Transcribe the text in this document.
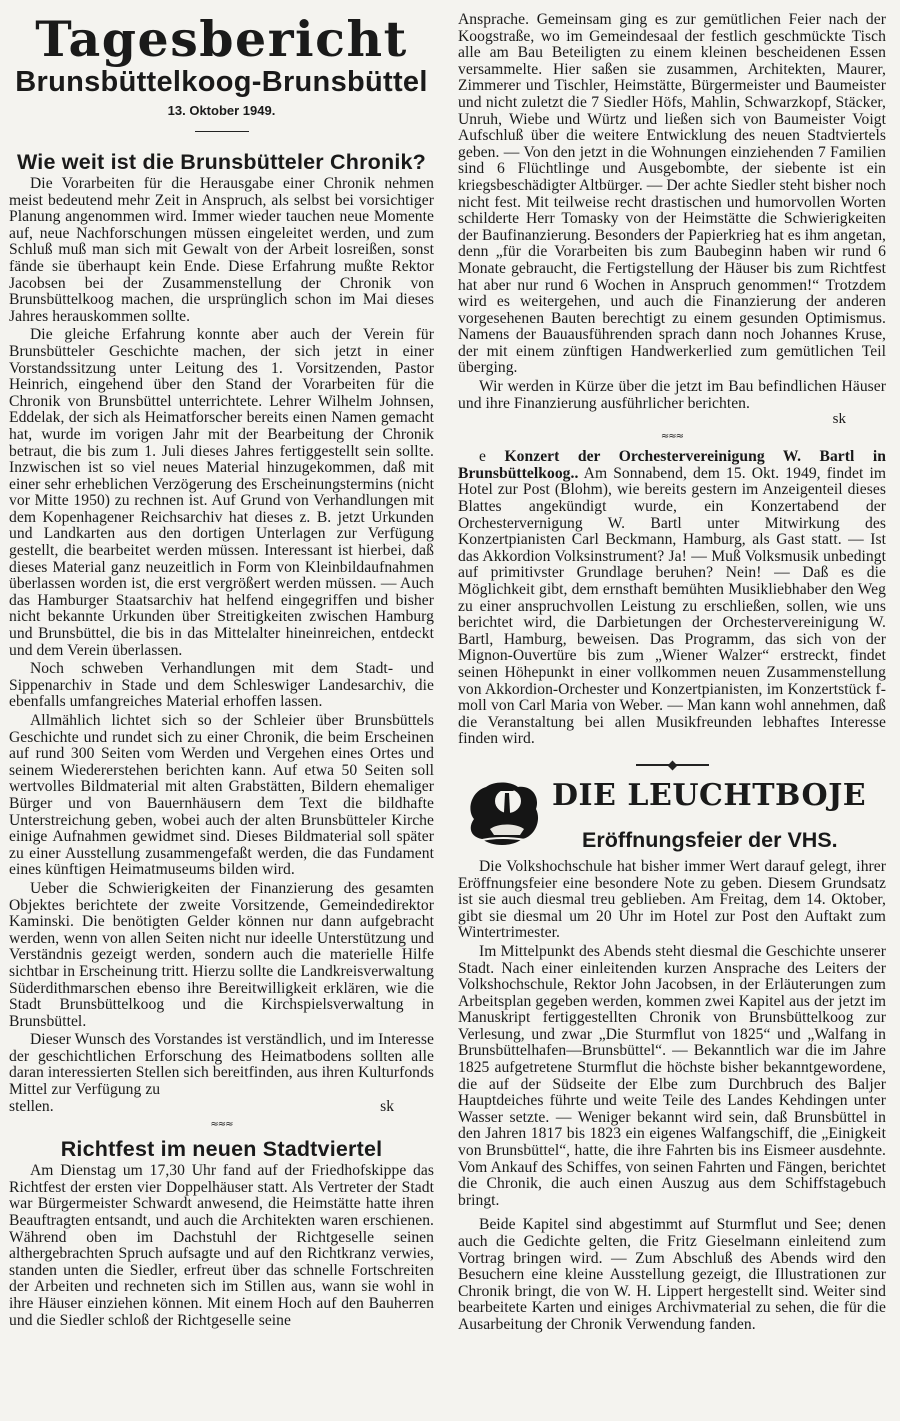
Tagesbericht
Brunsbüttelkoog-Brunsbüttel
13. Oktober 1949.
Wie weit ist die Brunsbütteler Chronik?

Die Vorarbeiten für die Herausgabe einer Chronik nehmen meist bedeutend mehr Zeit in Anspruch, als selbst bei vorsichtiger Planung angenommen wird. Immer wieder tauchen neue Momente auf, neue Nachforschungen müssen eingeleitet werden, und zum Schluß muß man sich mit Gewalt von der Arbeit losreißen, sonst fände sie überhaupt kein Ende. Diese Erfahrung mußte Rektor Jacobsen bei der Zusammenstellung der Chronik von Brunsbüttelkoog machen, die ursprünglich schon im Mai dieses Jahres herauskommen sollte.

Die gleiche Erfahrung konnte aber auch der Verein für Brunsbütteler Geschichte machen, der sich jetzt in einer Vorstandssitzung unter Leitung des 1. Vorsitzenden, Pastor Heinrich, eingehend über den Stand der Vorarbeiten für die Chronik von Brunsbüttel unterrichtete. Lehrer Wilhelm Johnsen, Eddelak, der sich als Heimatforscher bereits einen Namen gemacht hat, wurde im vorigen Jahr mit der Bearbeitung der Chronik betraut, die bis zum 1. Juli dieses Jahres fertiggestellt sein sollte. Inzwischen ist so viel neues Material hinzugekommen, daß mit einer sehr erheblichen Verzögerung des Erscheinungstermins (nicht vor Mitte 1950) zu rechnen ist. Auf Grund von Verhandlungen mit dem Kopenhagener Reichsarchiv hat dieses z. B. jetzt Urkunden und Landkarten aus den dortigen Unterlagen zur Verfügung gestellt, die bearbeitet werden müssen. Interessant ist hierbei, daß dieses Material ganz neuzeitlich in Form von Kleinbildaufnahmen überlassen worden ist, die erst vergrößert werden müssen. — Auch das Hamburger Staatsarchiv hat helfend eingegriffen und bisher nicht bekannte Urkunden über Streitigkeiten zwischen Hamburg und Brunsbüttel, die bis in das Mittelalter hineinreichen, entdeckt und dem Verein überlassen.

Noch schweben Verhandlungen mit dem Stadt- und Sippenarchiv in Stade und dem Schleswiger Landesarchiv, die ebenfalls umfangreiches Material erhoffen lassen.

Allmählich lichtet sich so der Schleier über Brunsbüttels Geschichte und rundet sich zu einer Chronik, die beim Erscheinen auf rund 300 Seiten vom Werden und Vergehen eines Ortes und seinem Wiedererstehen berichten kann. Auf etwa 50 Seiten soll wertvolles Bildmaterial mit alten Grabstätten, Bildern ehemaliger Bürger und von Bauernhäusern dem Text die bildhafte Unterstreichung geben, wobei auch der alten Brunsbütteler Kirche einige Aufnahmen gewidmet sind. Dieses Bildmaterial soll später zu einer Ausstellung zusammengefaßt werden, die das Fundament eines künftigen Heimatmuseums bilden wird.

Ueber die Schwierigkeiten der Finanzierung des gesamten Objektes berichtete der zweite Vorsitzende, Gemeindedirektor Kaminski. Die benötigten Gelder können nur dann aufgebracht werden, wenn von allen Seiten nicht nur ideelle Unterstützung und Verständnis gezeigt werden, sondern auch die materielle Hilfe sichtbar in Erscheinung tritt. Hierzu sollte die Landkreisverwaltung Süderdithmarschen ebenso ihre Bereitwilligkeit erklären, wie die Stadt Brunsbüttelkoog und die Kirchspielsverwaltung in Brunsbüttel.

Dieser Wunsch des Vorstandes ist verständlich, und im Interesse der geschichtlichen Erforschung des Heimatbodens sollten alle daran interessierten Stellen sich bereitfinden, aus ihren Kulturfonds Mittel zur Verfügung zu

stellen.	sk
≈≈≈
Richtfest im neuen Stadtviertel

Am Dienstag um 17,30 Uhr fand auf der Friedhofskippe das Richtfest der ersten vier Doppelhäuser statt. Als Vertreter der Stadt war Bürgermeister Schwardt anwesend, die Heimstätte hatte ihren Beauftragten entsandt, und auch die Architekten waren erschienen. Während oben im Dachstuhl der Richtgeselle seinen althergebrachten Spruch aufsagte und auf den Richtkranz verwies, standen unten die Siedler, erfreut über das schnelle Fortschreiten der Arbeiten und rechneten sich im Stillen aus, wann sie wohl in ihre Häuser einziehen können. Mit einem Hoch auf den Bauherren und die Siedler schloß der Richtgeselle seine

Ansprache. Gemeinsam ging es zur gemütlichen Feier nach der Koogstraße, wo im Gemeindesaal der festlich geschmückte Tisch alle am Bau Beteiligten zu einem kleinen bescheidenen Essen versammelte. Hier saßen sie zusammen, Architekten, Maurer, Zimmerer und Tischler, Heimstätte, Bürgermeister und Baumeister und nicht zuletzt die 7 Siedler Höfs, Mahlin, Schwarzkopf, Stäcker, Unruh, Wiebe und Würtz und ließen sich von Baumeister Voigt Aufschluß über die weitere Entwicklung des neuen Stadtviertels geben. — Von den jetzt in die Wohnungen einziehenden 7 Familien sind 6 Flüchtlinge und Ausgebombte, der siebente ist ein kriegsbeschädigter Altbürger. — Der achte Siedler steht bisher noch nicht fest. Mit teilweise recht drastischen und humorvollen Worten schilderte Herr Tomasky von der Heimstätte die Schwierigkeiten der Baufinanzierung. Besonders der Papierkrieg hat es ihm angetan, denn „für die Vorarbeiten bis zum Baubeginn haben wir rund 6 Monate gebraucht, die Fertigstellung der Häuser bis zum Richtfest hat aber nur rund 6 Wochen in Anspruch genommen!“ Trotzdem wird es weitergehen, und auch die Finanzierung der anderen vorgesehenen Bauten berechtigt zu einem gesunden Optimismus. Namens der Bauausführenden sprach dann noch Johannes Kruse, der mit einem zünftigen Handwerkerlied zum gemütlichen Teil überging.

Wir werden in Kürze über die jetzt im Bau befindlichen Häuser und ihre Finanzierung ausführlicher berichten.

sk
≈≈≈

e Konzert der Orchestervereinigung W. Bartl in Brunsbüttelkoog.. Am Sonnabend, dem 15. Okt. 1949, findet im Hotel zur Post (Blohm), wie bereits gestern im Anzeigenteil dieses Blattes angekündigt wurde, ein Konzertabend der Orchestervernigung W. Bartl unter Mitwirkung des Konzertpianisten Carl Beckmann, Hamburg, als Gast statt. — Ist das Akkordion Volksinstrument? Ja! — Muß Volksmusik unbedingt auf primitivster Grundlage beruhen? Nein! — Daß es die Möglichkeit gibt, dem ernsthaft bemühten Musikliebhaber den Weg zu einer anspruchvollen Leistung zu erschließen, sollen, wie uns berichtet wird, die Darbietungen der Orchestervereinigung W. Bartl, Hamburg, beweisen. Das Programm, das sich von der Mignon-Ouvertüre bis zum „Wiener Walzer“ erstreckt, findet seinen Höhepunkt in einer vollkommen neuen Zusammenstellung von Akkordion-Orchester und Konzertpianisten, im Konzertstück f-moll von Carl Maria von Weber. — Man kann wohl annehmen, daß die Veranstaltung bei allen Musikfreunden lebhaftes Interesse finden wird.

DIE LEUCHTBOJE
Eröffnungsfeier der VHS.

Die Volkshochschule hat bisher immer Wert darauf gelegt, ihrer Eröffnungsfeier eine besondere Note zu geben. Diesem Grundsatz ist sie auch diesmal treu geblieben. Am Freitag, dem 14. Oktober, gibt sie diesmal um 20 Uhr im Hotel zur Post den Auftakt zum Wintertrimester.

Im Mittelpunkt des Abends steht diesmal die Geschichte unserer Stadt. Nach einer einleitenden kurzen Ansprache des Leiters der Volkshochschule, Rektor John Jacobsen, in der Erläuterungen zum Arbeitsplan gegeben werden, kommen zwei Kapitel aus der jetzt im Manuskript fertiggestellten Chronik von Brunsbüttelkoog zur Verlesung, und zwar „Die Sturmflut von 1825“ und „Walfang in Brunsbüttelhafen—Brunsbüttel“. — Bekanntlich war die im Jahre 1825 aufgetretene Sturmflut die höchste bisher bekanntgewordene, die auf der Südseite der Elbe zum Durchbruch des Baljer Hauptdeiches führte und weite Teile des Landes Kehdingen unter Wasser setzte. — Weniger bekannt wird sein, daß Brunsbüttel in den Jahren 1817 bis 1823 ein eigenes Walfangschiff, die „Einigkeit von Brunsbüttel“, hatte, die ihre Fahrten bis ins Eismeer ausdehnte. Vom Ankauf des Schiffes, von seinen Fahrten und Fängen, berichtet die Chronik, die auch einen Auszug aus dem Schiffstagebuch bringt.

Beide Kapitel sind abgestimmt auf Sturmflut und See; denen auch die Gedichte gelten, die Fritz Gieselmann einleitend zum Vortrag bringen wird. — Zum Abschluß des Abends wird den Besuchern eine kleine Ausstellung gezeigt, die Illustrationen zur Chronik bringt, die von W. H. Lippert hergestellt sind. Weiter sind bearbeitete Karten und einiges Archivmaterial zu sehen, die für die Ausarbeitung der Chronik Verwendung fanden.
